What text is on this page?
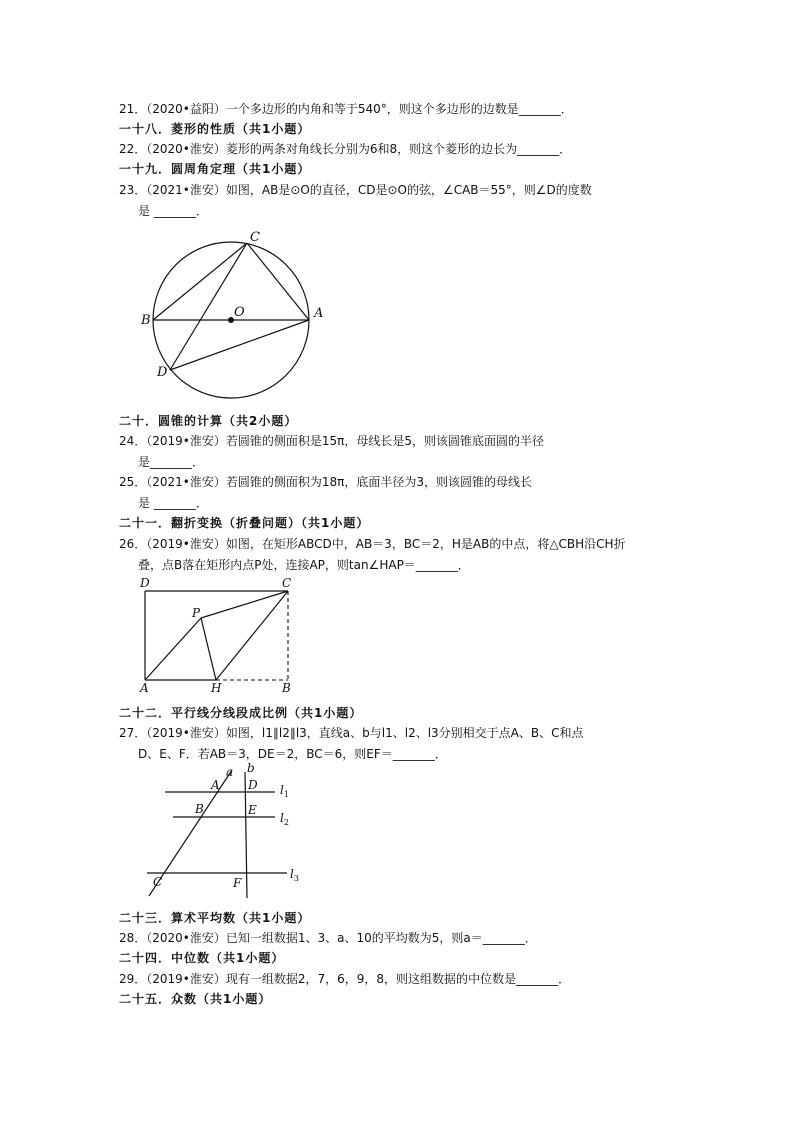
21．（2020•益阳）一个多边形的内角和等于540°，则这个多边形的边数是_______．
一十八．菱形的性质（共1小题）
22．（2020•淮安）菱形的两条对角线长分别为6和8，则这个菱形的边长为_______．
一十九．圆周角定理（共1小题）
23．（2021•淮安）如图，AB是⊙O的直径，CD是⊙O的弦，∠CAB＝55°，则∠D的度数
是 _______．
C
O
B	A
D
二十．圆锥的计算（共2小题）
24．（2019•淮安）若圆锥的侧面积是15π，母线长是5，则该圆锥底面圆的半径
是_______．
25．（2021•淮安）若圆锥的侧面积为18π，底面半径为3，则该圆锥的母线长
是 _______．
二十一．翻折变换（折叠问题）（共1小题）
26．（2019•淮安）如图，在矩形ABCD中，AB＝3，BC＝2，H是AB的中点，将△CBH沿CH折
叠，点B落在矩形内点P处，连接AP，则tan∠HAP＝_______．
D	C
P
A	H	B
二十二．平行线分线段成比例（共1小题）
27．（2019•淮安）如图，l1∥l2∥l3，直线a、b与l1、l2、l3分别相交于点A、B、C和点
D、E、F．若AB＝3，DE＝2，BC＝6，则EF＝_______．
a b
A D
B	E
C	F
$l_1$
$l_2$
$l_3$
二十三．算术平均数（共1小题）
28．（2020•淮安）已知一组数据1、3、a、10的平均数为5，则a＝_______．
二十四．中位数（共1小题）
29．（2019•淮安）现有一组数据2，7，6，9，8，则这组数据的中位数是_______．
二十五．众数（共1小题）
